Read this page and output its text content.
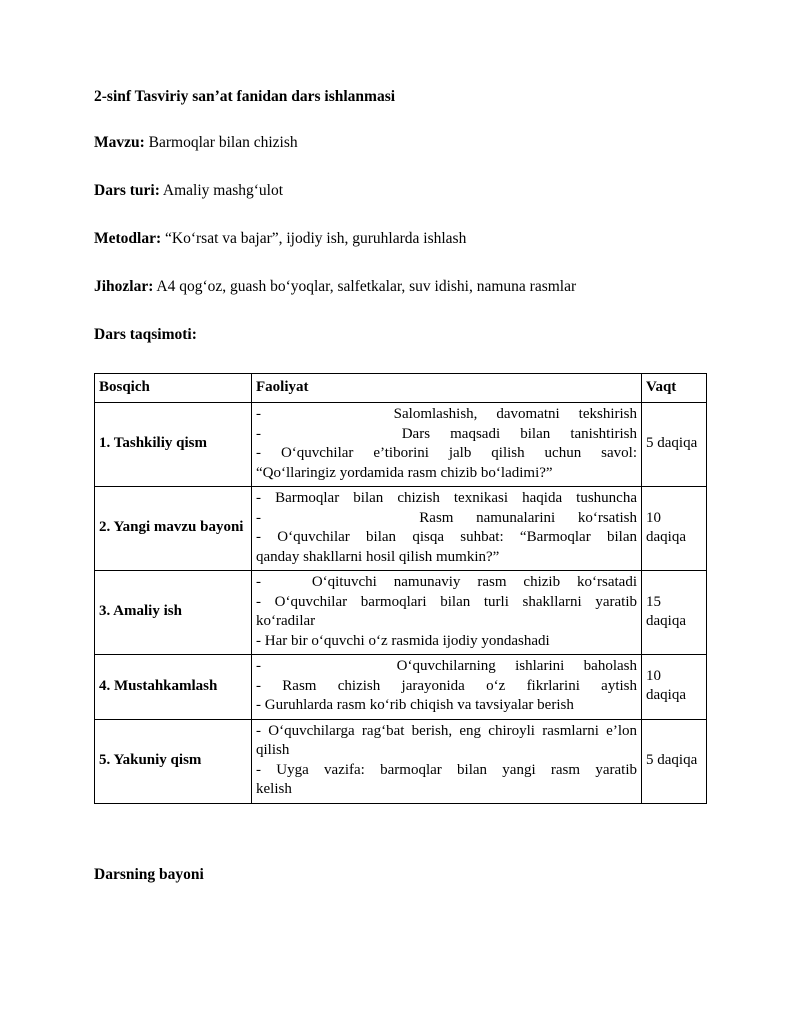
2-sinf Tasviriy san’at fanidan dars ishlanmasi

Mavzu: Barmoqlar bilan chizish

Dars turi: Amaliy mashg‘ulot

Metodlar: “Ko‘rsat va bajar”, ijodiy ish, guruhlarda ishlash

Jihozlar: A4 qog‘oz, guash bo‘yoqlar, salfetkalar, suv idishi, namuna rasmlar

Dars taqsimoti:

Bosqich	Faoliyat	Vaqt
1. Tashkiliy qism	-       Salomlashish, davomatni tekshirish
-       Dars maqsadi bilan tanishtirish
- O‘quvchilar e’tiborini jalb qilish uchun savol:
“Qo‘llaringiz yordamida rasm chizib bo‘ladimi?”	5 daqiqa
2. Yangi mavzu bayoni	- Barmoqlar bilan chizish texnikasi haqida tushuncha
-       Rasm namunalarini ko‘rsatish
- O‘quvchilar bilan qisqa suhbat: “Barmoqlar bilan
qanday shakllarni hosil qilish mumkin?”	10 daqiqa
3. Amaliy ish	-   O‘qituvchi namunaviy rasm chizib ko‘rsatadi
- O‘quvchilar barmoqlari bilan turli shakllarni yaratib ko‘radilar
- Har bir o‘quvchi o‘z rasmida ijodiy yondashadi	15 daqiqa
4. Mustahkamlash	-       O‘quvchilarning ishlarini baholash
- Rasm chizish jarayonida o‘z fikrlarini aytish
- Guruhlarda rasm ko‘rib chiqish va tavsiyalar berish	10 daqiqa
5. Yakuniy qism	- O‘quvchilarga rag‘bat berish, eng chiroyli rasmlarni e’lon qilish
- Uyga vazifa: barmoqlar bilan yangi rasm yaratib
kelish	5 daqiqa
Darsning bayoni
